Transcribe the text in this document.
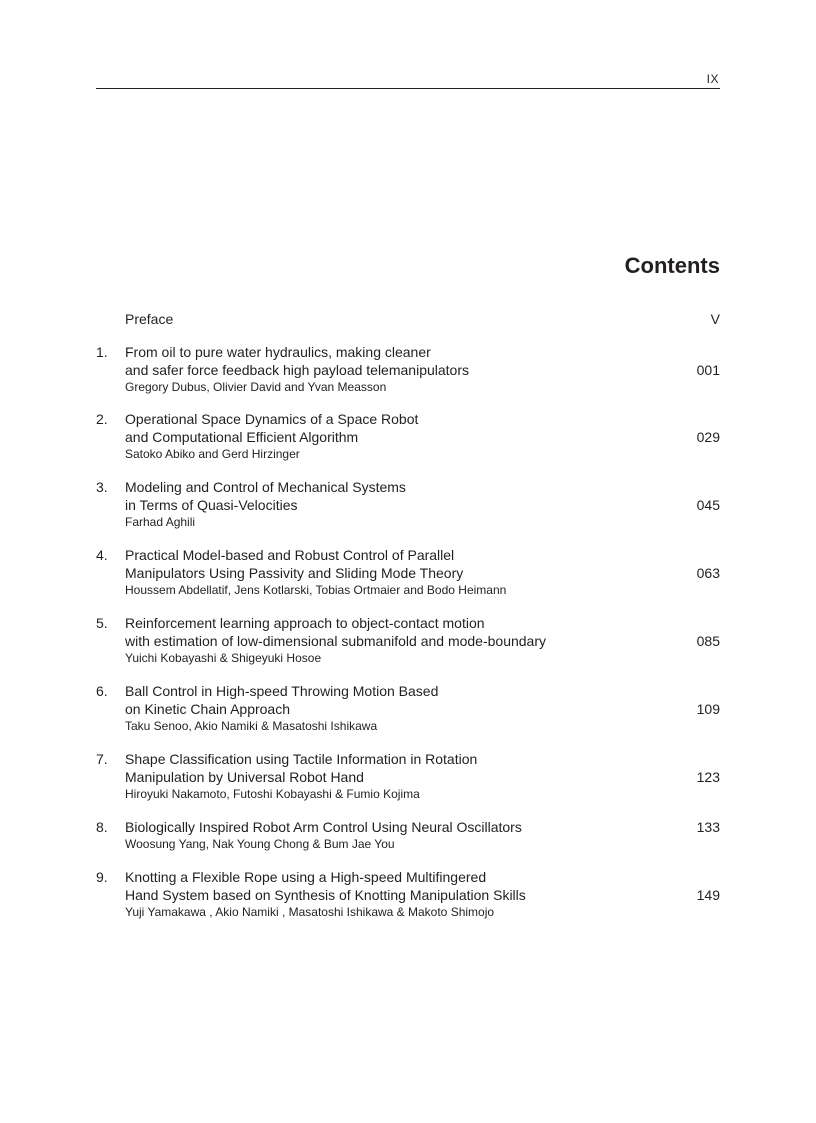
IX
Contents
Preface	V
1. From oil to pure water hydraulics, making cleaner
and safer force feedback high payload telemanipulators
Gregory Dubus, Olivier David and Yvan Measson
001
2. Operational Space Dynamics of a Space Robot
and Computational Efficient Algorithm
Satoko Abiko and Gerd Hirzinger
029
3. Modeling and Control of Mechanical Systems
in Terms of Quasi-Velocities
Farhad Aghili
045
4. Practical Model-based and Robust Control of Parallel
Manipulators Using Passivity and Sliding Mode Theory
Houssem Abdellatif, Jens Kotlarski, Tobias Ortmaier and Bodo Heimann
063
5. Reinforcement learning approach to object-contact motion
with estimation of low-dimensional submanifold and mode-boundary
Yuichi Kobayashi & Shigeyuki Hosoe
085
6. Ball Control in High-speed Throwing Motion Based
on Kinetic Chain Approach
Taku Senoo, Akio Namiki & Masatoshi Ishikawa
109
7. Shape Classification using Tactile Information in Rotation
Manipulation by Universal Robot Hand
Hiroyuki Nakamoto, Futoshi Kobayashi & Fumio Kojima
123
8. Biologically Inspired Robot Arm Control Using Neural Oscillators
Woosung Yang, Nak Young Chong & Bum Jae You
133
9. Knotting a Flexible Rope using a High-speed Multifingered
Hand System based on Synthesis of Knotting Manipulation Skills
Yuji Yamakawa , Akio Namiki , Masatoshi Ishikawa & Makoto Shimojo
149
